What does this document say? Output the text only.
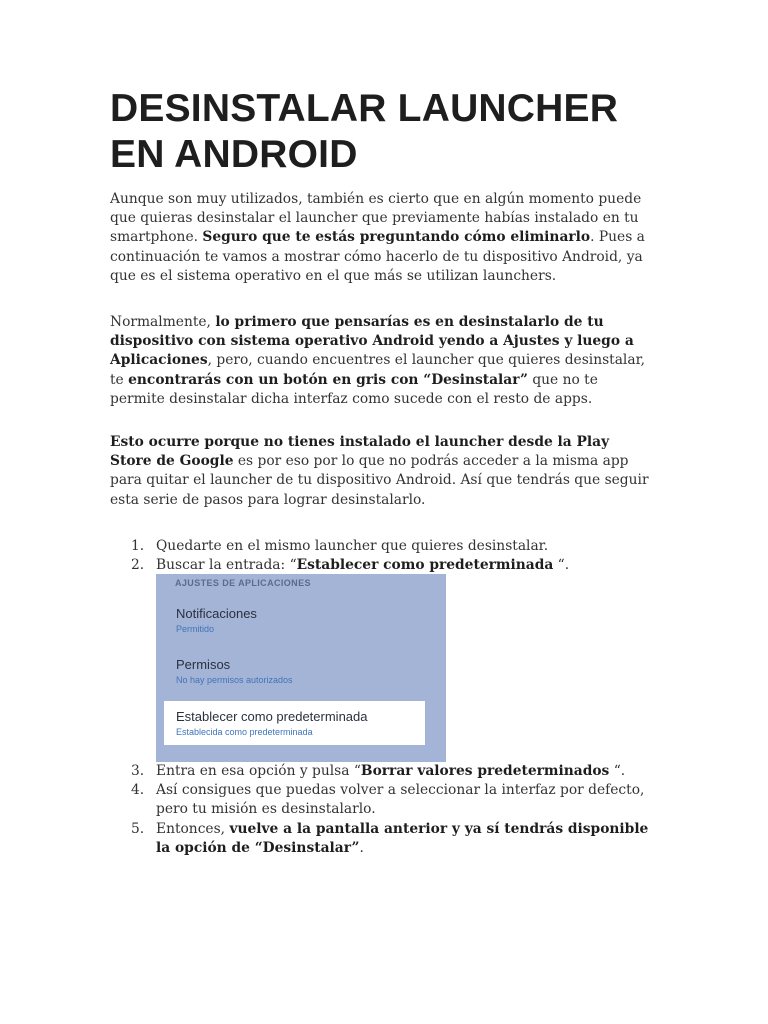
DESINSTALAR LAUNCHER EN ANDROID

Aunque son muy utilizados, también es cierto que en algún momento puede que quieras desinstalar el launcher que previamente habías instalado en tu smartphone. Seguro que te estás preguntando cómo eliminarlo. Pues a continuación te vamos a mostrar cómo hacerlo de tu dispositivo Android, ya que es el sistema operativo en el que más se utilizan launchers.

Normalmente, lo primero que pensarías es en desinstalarlo de tu dispositivo con sistema operativo Android yendo a Ajustes y luego a Aplicaciones, pero, cuando encuentres el launcher que quieres desinstalar, te encontrarás con un botón en gris con “Desinstalar” que no te permite desinstalar dicha interfaz como sucede con el resto de apps.

Esto ocurre porque no tienes instalado el launcher desde la Play Store de Google es por eso por lo que no podrás acceder a la misma app para quitar el launcher de tu dispositivo Android. Así que tendrás que seguir esta serie de pasos para lograr desinstalarlo.

1. Quedarte en el mismo launcher que quieres desinstalar.
2. Buscar la entrada: “Establecer como predeterminada “.
AJUSTES DE APLICACIONES
Notificaciones
Permitido
Permisos
No hay permisos autorizados
Establecer como predeterminada
Establecida como predeterminada
3. Entra en esa opción y pulsa “Borrar valores predeterminados “.
4. Así consigues que puedas volver a seleccionar la interfaz por defecto, pero tu misión es desinstalarlo.
5. Entonces, vuelve a la pantalla anterior y ya sí tendrás disponible la opción de “Desinstalar”.
